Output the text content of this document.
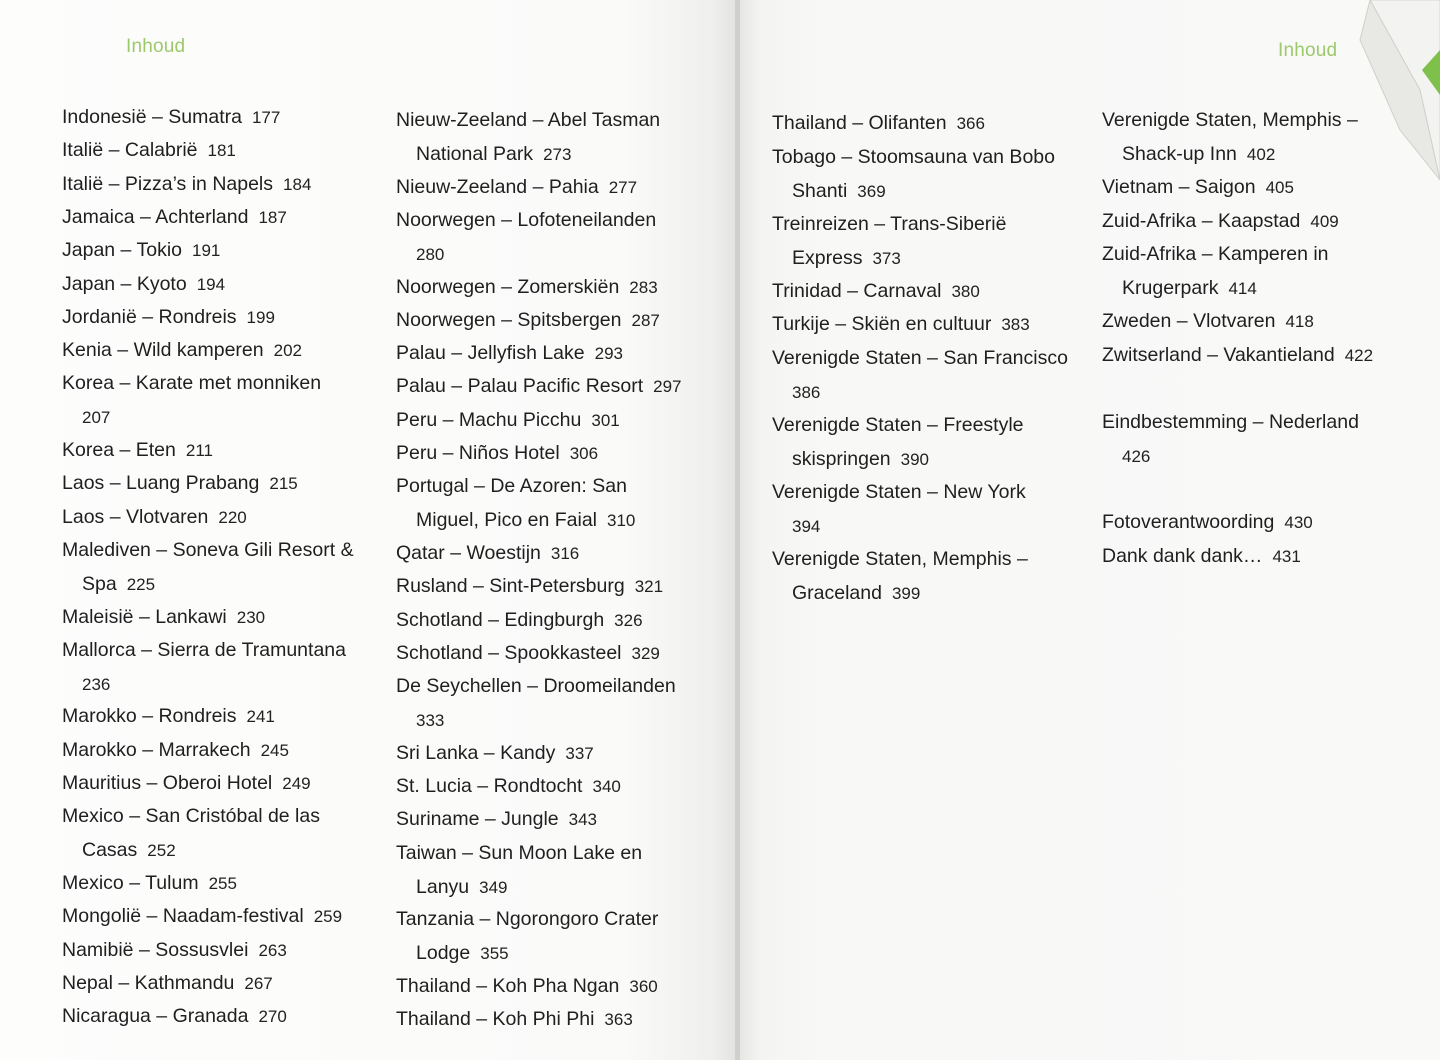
Inhoud
Indonesië – Sumatra 177
Italië – Calabrië 181
Italië – Pizza’s in Napels 184
Jamaica – Achterland 187
Japan – Tokio 191
Japan – Kyoto 194
Jordanië – Rondreis 199
Kenia – Wild kamperen 202
Korea – Karate met monniken
207
Korea – Eten 211
Laos – Luang Prabang 215
Laos – Vlotvaren 220
Malediven – Soneva Gili Resort &
Spa 225
Maleisië – Lankawi 230
Mallorca – Sierra de Tramuntana
236
Marokko – Rondreis 241
Marokko – Marrakech 245
Mauritius – Oberoi Hotel 249
Mexico – San Cristóbal de las
Casas 252
Mexico – Tulum 255
Mongolië – Naadam-festival 259
Namibië – Sossusvlei 263
Nepal – Kathmandu 267
Nicaragua – Granada 270
Nieuw-Zeeland – Abel Tasman
National Park 273
Nieuw-Zeeland – Pahia 277
Noorwegen – Lofoteneilanden
280
Noorwegen – Zomerskiën 283
Noorwegen – Spitsbergen 287
Palau – Jellyfish Lake 293
Palau – Palau Pacific Resort 297
Peru – Machu Picchu 301
Peru – Niños Hotel 306
Portugal – De Azoren: San
Miguel, Pico en Faial 310
Qatar – Woestijn 316
Rusland – Sint-Petersburg 321
Schotland – Edingburgh 326
Schotland – Spookkasteel 329
De Seychellen – Droomeilanden
333
Sri Lanka – Kandy 337
St. Lucia – Rondtocht 340
Suriname – Jungle 343
Taiwan – Sun Moon Lake en
Lanyu 349
Tanzania – Ngorongoro Crater
Lodge 355
Thailand – Koh Pha Ngan 360
Thailand – Koh Phi Phi 363
Inhoud
Thailand – Olifanten 366
Tobago – Stoomsauna van Bobo
Shanti 369
Treinreizen – Trans-Siberië
Express 373
Trinidad – Carnaval 380
Turkije – Skiën en cultuur 383
Verenigde Staten – San Francisco
386
Verenigde Staten – Freestyle
skispringen 390
Verenigde Staten – New York
394
Verenigde Staten, Memphis –
Graceland 399
Verenigde Staten, Memphis –
Shack-up Inn 402
Vietnam – Saigon 405
Zuid-Afrika – Kaapstad 409
Zuid-Afrika – Kamperen in
Krugerpark 414
Zweden – Vlotvaren 418
Zwitserland – Vakantieland 422
Eindbestemming – Nederland
426
Fotoverantwoording 430
Dank dank dank… 431
